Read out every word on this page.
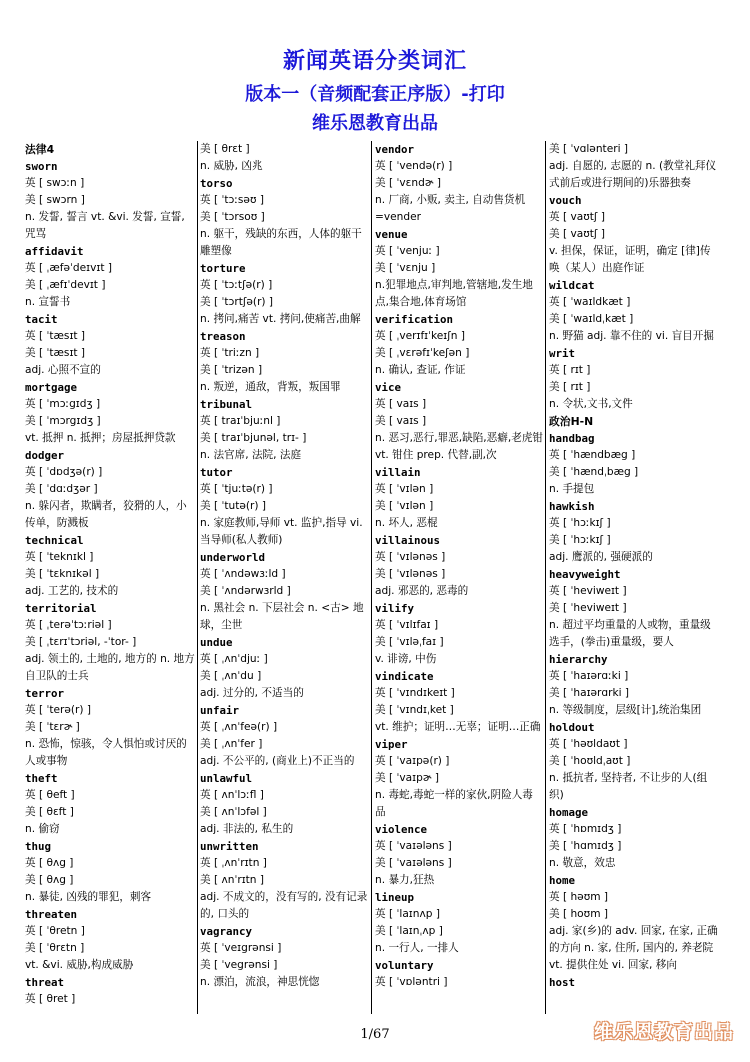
新闻英语分类词汇
版本一（音频配套正序版）-打印
维乐恩教育出品

法律4

sworn

英 [ swɔːn ]

美 [ swɔrn ]

n. 发誓, 誓言 vt. &vi. 发誓, 宣誓, 咒骂

affidavit

英 [ ˌæfəˈdeɪvɪt ]

美 [ ˌæfɪˈdevɪt ]

n. 宣誓书

tacit

英 [ ˈtæsɪt ]

美 [ ˈtæsɪt ]

adj. 心照不宣的

mortgage

英 [ ˈmɔːgɪdʒ ]

美 [ ˈmɔrgɪdʒ ]

vt. 抵押 n. 抵押；房屋抵押贷款

dodger

英 [ ˈdɒdʒə(r) ]

美 [ ˈdɑːdʒər ]

n. 躲闪者，欺瞒者，狡猾的人，小传单，防溅板

technical

英 [ ˈteknɪkl ]

美 [ ˈtɛknɪkəl ]

adj. 工艺的, 技术的

territorial

英 [ ˌterəˈtɔːriəl ]

美 [ ˌtɛrɪˈtɔriəl, -ˈtor- ]

adj. 领土的, 土地的, 地方的 n. 地方自卫队的士兵

terror

英 [ ˈterə(r) ]

美 [ ˈtɛrɚ ]

n. 恐怖，惊骇，令人惧怕或讨厌的人或事物

theft

英 [ θeft ]

美 [ θɛft ]

n. 偷窃

thug

英 [ θʌg ]

美 [ θʌg ]

n. 暴徒, 凶残的罪犯，刺客

threaten

英 [ ˈθretn ]

美 [ ˈθrɛtn ]

vt. &vi. 威胁,构成威胁

threat

英 [ θret ]

美 [ θrɛt ]

n. 威胁, 凶兆

torso

英 [ ˈtɔːsəʊ ]

美 [ ˈtɔrsoʊ ]

n. 躯干，残缺的东西，人体的躯干雕塑像

torture

英 [ ˈtɔːtʃə(r) ]

美 [ ˈtɔrtʃə(r) ]

n. 拷问,痛苦 vt. 拷问,使痛苦,曲解

treason

英 [ ˈtriːzn ]

美 [ ˈtrizən ]

n. 叛逆，通敌，背叛，叛国罪

tribunal

英 [ traɪˈbjuːnl ]

美 [ traɪˈbjunəl, trɪ- ]

n. 法官席, 法院, 法庭

tutor

英 [ ˈtjuːtə(r) ]

美 [ ˈtutə(r) ]

n. 家庭教师,导师 vt. 监护,指导 vi. 当导师(私人教师)

underworld

英 [ ˈʌndəwɜːld ]

美 [ ˈʌndərwɜrld ]

n. 黑社会 n. 下层社会 n. <古> 地球，尘世

undue

英 [ ˌʌnˈdjuː ]

美 [ ˌʌnˈdu ]

adj. 过分的, 不适当的

unfair

英 [ ˌʌnˈfeə(r) ]

美 [ ˌʌnˈfer ]

adj. 不公平的, (商业上)不正当的

unlawful

英 [ ʌnˈlɔːfl ]

美 [ ʌnˈlɔfəl ]

adj. 非法的, 私生的

unwritten

英 [ ˌʌnˈrɪtn ]

美 [ ʌnˈrɪtn ]

adj. 不成文的，没有写的, 没有记录的, 口头的

vagrancy

英 [ ˈveɪgrənsi ]

美 [ ˈvegrənsi ]

n. 漂泊，流浪，神思恍惚

vendor

英 [ ˈvendə(r) ]

美 [ ˈvɛndɚ ]

n. 厂商, 小贩, 卖主, 自动售货机 =vender

venue

英 [ ˈvenjuː ]

美 [ ˈvɛnju ]

n.犯罪地点,审判地,管辖地,发生地点,集合地,体育场馆

verification

英 [ ˌverɪfɪˈkeɪʃn ]

美 [ ˌvɛrəfɪˈkeʃən ]

n. 确认, 查证, 作证

vice

英 [ vaɪs ]

美 [ vaɪs ]

n. 恶习,恶行,罪恶,缺陷,恶癖,老虎钳 vt. 钳住 prep. 代替,副,次

villain

英 [ ˈvɪlən ]

美 [ ˈvɪlən ]

n. 坏人, 恶棍

villainous

英 [ ˈvɪlənəs ]

美 [ ˈvɪlənəs ]

adj. 邪恶的, 恶毒的

vilify

英 [ ˈvɪlɪfaɪ ]

美 [ ˈvɪləˌfaɪ ]

v. 诽谤, 中伤

vindicate

英 [ ˈvɪndɪkeɪt ]

美 [ ˈvɪndɪˌket ]

vt. 维护；证明…无辜；证明…正确

viper

英 [ ˈvaɪpə(r) ]

美 [ ˈvaɪpɚ ]

n. 毒蛇,毒蛇一样的家伙,阴险人毒品

violence

英 [ ˈvaɪələns ]

美 [ ˈvaɪələns ]

n. 暴力,狂热

lineup

英 [ ˈlaɪnʌp ]

美 [ ˈlaɪnˌʌp ]

n. 一行人, 一排人

voluntary

英 [ ˈvɒləntri ]

美 [ ˈvɑlənteri ]

adj. 自愿的, 志愿的 n. (教堂礼拜仪式前后或进行期间的)乐器独奏

vouch

英 [ vaʊtʃ ]

美 [ vaʊtʃ ]

v. 担保，保证，证明，确定 [律]传唤（某人）出庭作证

wildcat

英 [ ˈwaɪldkæt ]

美 [ ˈwaɪldˌkæt ]

n. 野猫 adj. 靠不住的 vi. 盲目开掘

writ

英 [ rɪt ]

美 [ rɪt ]

n. 令状,文书,文件

政治H-N

handbag

英 [ ˈhændbæg ]

美 [ ˈhændˌbæg ]

n. 手提包

hawkish

英 [ ˈhɔːkɪʃ ]

美 [ ˈhɔːkɪʃ ]

adj. 鹰派的, 强硬派的

heavyweight

英 [ ˈheviweɪt ]

美 [ ˈheviweɪt ]

n. 超过平均重量的人或物，重量级选手，(拳击)重量级，要人

hierarchy

英 [ ˈhaɪərɑːki ]

美 [ ˈhaɪərɑrki ]

n. 等级制度，层级[计],统治集团

holdout

英 [ ˈhəʊldaʊt ]

美 [ ˈhoʊldˌaʊt ]

n. 抵抗者, 坚持者, 不让步的人(组织)

homage

英 [ ˈhɒmɪdʒ ]

美 [ ˈhɑmɪdʒ ]

n. 敬意，效忠

home

英 [ həʊm ]

美 [ hoʊm ]

adj. 家(乡)的 adv. 回家, 在家, 正确的方向 n. 家, 住所, 国内的, 养老院 vt. 提供住处 vi. 回家, 移向

host

1/67	维乐恩教育出品
